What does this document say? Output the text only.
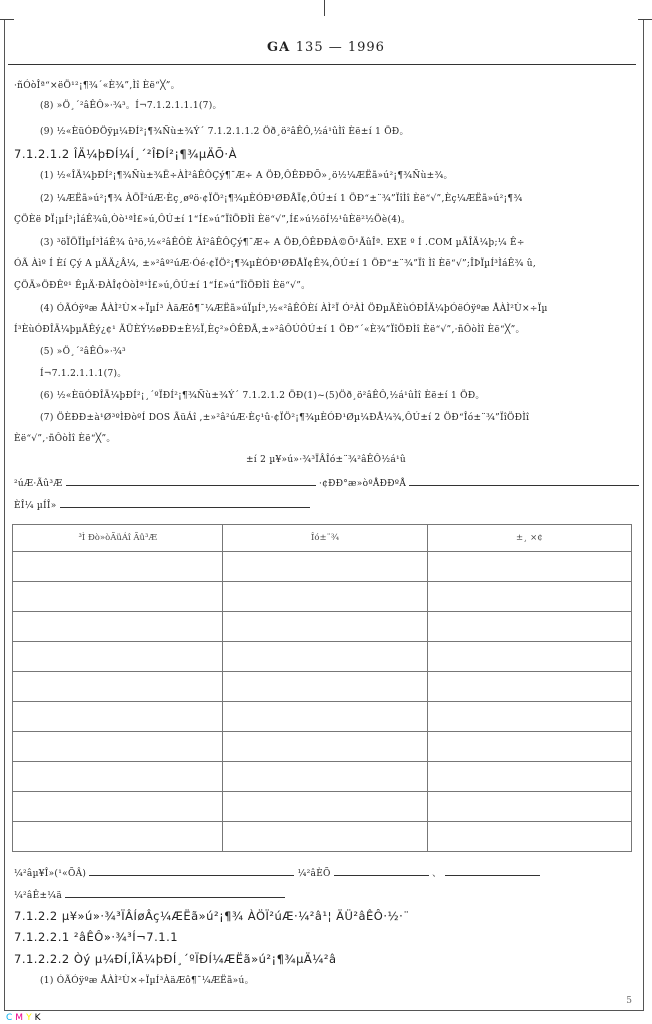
GA 135 — 1996
·ñÓòÎª“×ëÖ¹²¡¶¾´«È¾”,Ìî Èë“╳”。
(8) »Ö¸´²âÊÔ»·¾³。Í¬7.1.2.1.1.1(7)。
(9) ½«ÈüÓÐÖÿµ¼ÐÍ²¡¶¾Ñù±¾Ý´ 7.1.2.1.1.2 Öð¸ö²âÊÔ,½á¹ûÌî Èë±í 1 ÖÐ。
7.1.2.1.2 ÎÄ¼þÐÍ¼Í¸´²ÎÐÍ²¡¶¾µÄÕ·À
(1) ½«ÎÄ¼þÐÍ²¡¶¾Ñù±¾Ë÷ÀÌ²âÊÔÇý¶¯Æ÷ A ÖÐ,ÔÊÐÐÕ»¸ö½¼ÆËã»ú²¡¶¾Ñù±¾。
(2) ¼ÆËã»ú²¡¶¾ ÀÖÏ²úÆ·Èç¸øºö·¢ÏÖ²¡¶¾µÈÓÐ¹ØÐÅÏ¢,ÔÚ±í 1 ÖÐ“±¨¾”ÏîÌî Èë“√”,Èç¼ÆËã»ú²¡¶¾
ÇÖÈë ÞÏ¡µÍ³¡ÌáÊ¾û,Òò¹ªÌ£»ú,ÔÚ±í 1“Í£»ú”ÏîÖÐÌî Èë“√”,Í£»ú½öÍ½¹ûÈë²½Öè(4)。
(3) ³öÏÖÏÌµÍ³ÌáÊ¾ û³ö,½«²âÊÔÈ Àî²âÊÔÇý¶¯Æ÷ A ÖÐ,ÔÊÐÐÀ©Õ¹ÃûÎª. EXE º Í .COM µÄÎÄ¼þ;¼ Ê÷
ÓÃ Àìº Í Èí Çý A µÄÄ¿Â¼, ±»²âº²úÆ·Óé·¢ÏÖ²¡¶¾µÈÓÐ¹ØÐÅÏ¢Ê¾,ÔÚ±í 1 ÖÐ“±¨¾”Ïî Ìî Èë“√”;ÎÞÏµÍ³ÌáÊ¾ û,
ÇÖÄ»ÖÐÊº¹ ÊµÄ·ÐÀÎ¢ÒòÌª¹Ì£»ú,ÔÚ±í 1“Í£»ú”ÏîÖÐÌî Èë“√”。
(4) ÓÃÓÿºæ ÅÀÌ²Ù×÷ÏµÍ³ ÀäÆô¶¯¼ÆËã»úÏµÍ³,½«²âÊÔÈí ÀÌ²Ï Ó²ÀÌ ÖÐµÃÈùÓÐÎÄ¼þÓëÓÿºæ ÅÀÌ²Ù×÷Ïµ
Í³ÈùÓÐÎÄ¼þµÃÊý¿¢¹ ÃÜÈÝ½øÐÐ±È½Ï,Èç²»ÔÊÐÃ,±»²âÔÚÔÚ±í 1 ÖÐ“´«È¾”ÏîÖÐÌî Èë“√”,·ñÔòÌî Èë“╳”。
(5) »Ö¸´²âÊÔ»·¾³
Í¬7.1.2.1.1.1(7)。
(6) ½«ÈüÓÐÎÄ¼þÐÍ²¡¸´ºÏÐÍ²¡¶¾Ñù±¾Ý´ 7.1.2.1.2 ÖÐ(1)~(5)Öð¸ö²âÊÔ,½á¹ûÌî Èë±í 1 ÖÐ。
(7) ÖÈÐÐ±à¹Ø³ºÌÐòºÍ DOS ÃüÁî ,±»²â²úÆ·Èç¹û·¢ÏÖ²¡¶¾µÈÓÐ¹Øµ¼ÐÅ¼¾,ÔÚ±í 2 ÖÐ“Îó±¨¾”ÏîÖÐÌî
Èë“√”,·ñÔòÌî Èë“╳”。
±í 2 µ¥»ú»·¾³ÏÂÎó±¨¾²âÊÔ½á¹û
²úÆ·Ãû³Æ	·¢ÐÐ°æ»òºÅÐÐºÅ
ÈÎ¼ µÍÎ»
³Ì Ðò»òÃüÁî Ãû³Æ	Îó±¨¾	±¸ ×¢

¼²âµ¥Î»(¹«ÕÂ)	¼²âÈÕ	、
¼²âÊ±¼ä
7.1.2.2 µ¥»ú»·¾³ÏÂÍøÂç¼ÆËã»ú²¡¶¾ ÀÖÏ²úÆ·¼²â¹¦ ÄÜ²âÊÔ·½·¨
7.1.2.2.1 ²âÊÔ»·¾³Í¬7.1.1
7.1.2.2.2 Òý µ¼ÐÍ,ÎÄ¼þÐÍ¸´ºÏÐÍ¼ÆËã»ú²¡¶¾µÄ¼²â
(1) ÓÃÓÿºæ ÅÀÌ²Ù×÷ÏµÍ³ÀäÆô¶¯¼ÆËã»ú。
5
CMYK
